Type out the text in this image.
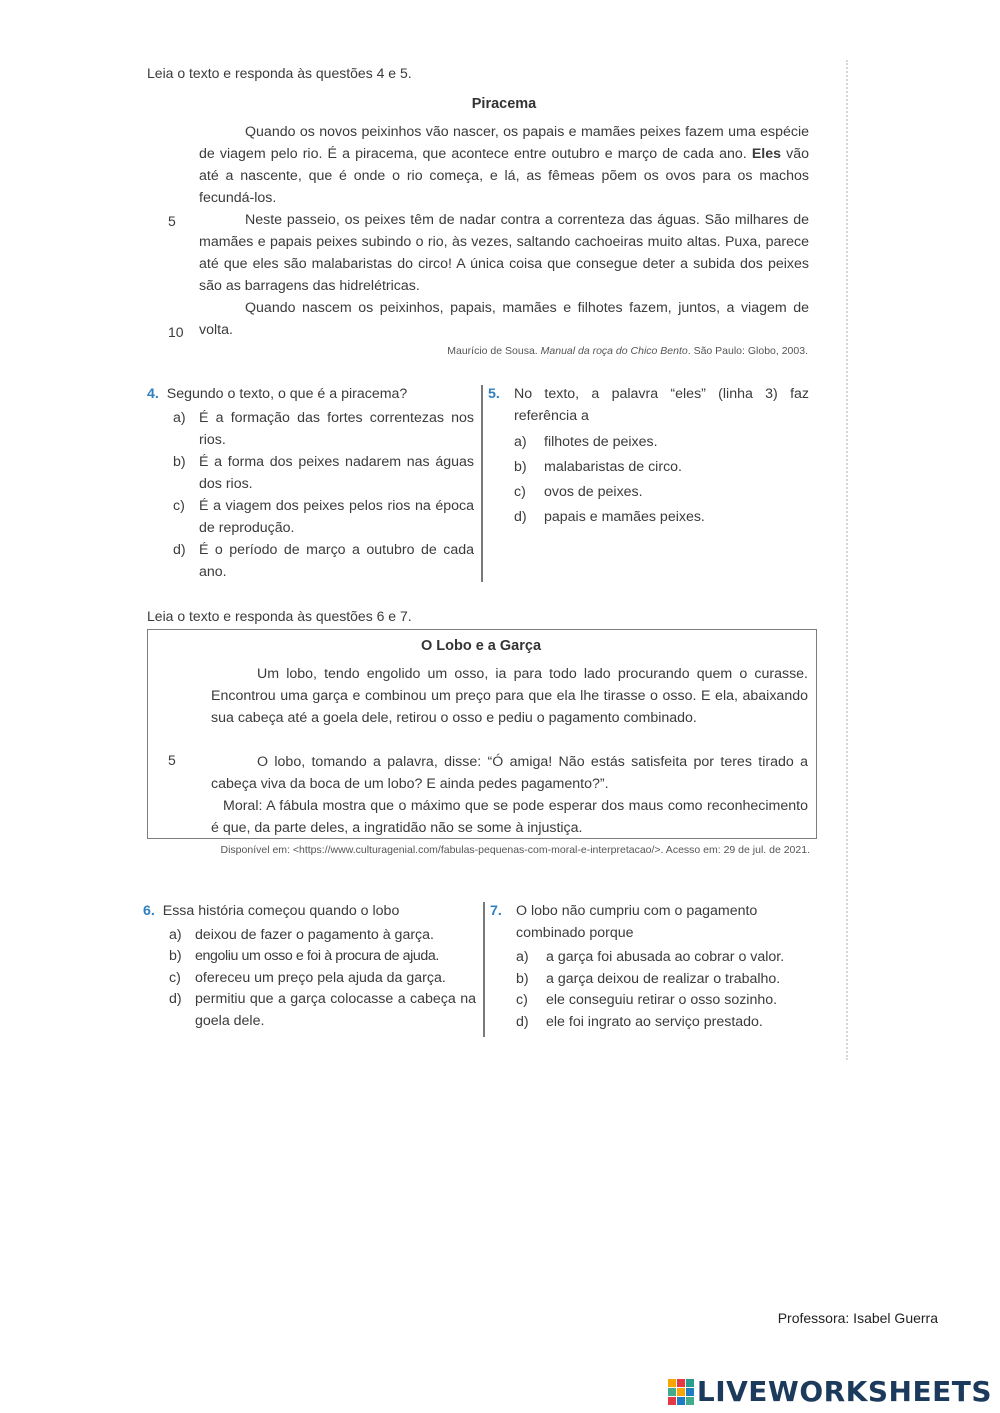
Leia o texto e responda às questões 4 e 5.
Piracema
Quando os novos peixinhos vão nascer, os papais e mamães peixes fazem uma espécie de viagem pelo rio. É a piracema, que acontece entre outubro e março de cada ano. Eles vão até a nascente, que é onde o rio começa, e lá, as fêmeas põem os ovos para os machos fecundá-los.
5	Neste passeio, os peixes têm de nadar contra a correnteza das águas. São milhares de mamães e papais peixes subindo o rio, às vezes, saltando cachoeiras muito altas. Puxa, parece até que eles são malabaristas do circo! A única coisa que consegue deter a subida dos peixes são as barragens das hidrelétricas.
Quando nascem os peixinhos, papais, mamães e filhotes fazem, juntos, a viagem de volta.
10
Maurício de Sousa. Manual da roça do Chico Bento. São Paulo: Globo, 2003.
4. Segundo o texto, o que é a piracema?
a) É a formação das fortes correntezas nos rios.
b) É a forma dos peixes nadarem nas águas dos rios.
c) É a viagem dos peixes pelos rios na época de reprodução.
d) É o período de março a outubro de cada ano.
5. No texto, a palavra “eles” (linha 3) faz referência a
a)	filhotes de peixes.
b)	malabaristas de circo.
c)	ovos de peixes.
d)	papais e mamães peixes.
Leia o texto e responda às questões 6 e 7.
O Lobo e a Garça
Um lobo, tendo engolido um osso, ia para todo lado procurando quem o curasse. Encontrou uma garça e combinou um preço para que ela lhe tirasse o osso. E ela, abaixando sua cabeça até a goela dele, retirou o osso e pediu o pagamento combinado.
5	O lobo, tomando a palavra, disse: “Ó amiga! Não estás satisfeita por teres tirado a cabeça viva da boca de um lobo? E ainda pedes pagamento?”.
Moral: A fábula mostra que o máximo que se pode esperar dos maus como reconhecimento é que, da parte deles, a ingratidão não se some à injustiça.
Disponível em: <https://www.culturagenial.com/fabulas-pequenas-com-moral-e-interpretacao/>. Acesso em: 29 de jul. de 2021.
6. Essa história começou quando o lobo
a) deixou de fazer o pagamento à garça.
b) engoliu um osso e foi à procura de ajuda.
c) ofereceu um preço pela ajuda da garça.
d) permitiu que a garça colocasse a cabeça na goela dele.
7. O lobo não cumpriu com o pagamento combinado porque
a)	a garça foi abusada ao cobrar o valor.
b)	a garça deixou de realizar o trabalho.
c)	ele conseguiu retirar o osso sozinho.
d)	ele foi ingrato ao serviço prestado.
Professora: Isabel Guerra
LIVEWORKSHEETS
